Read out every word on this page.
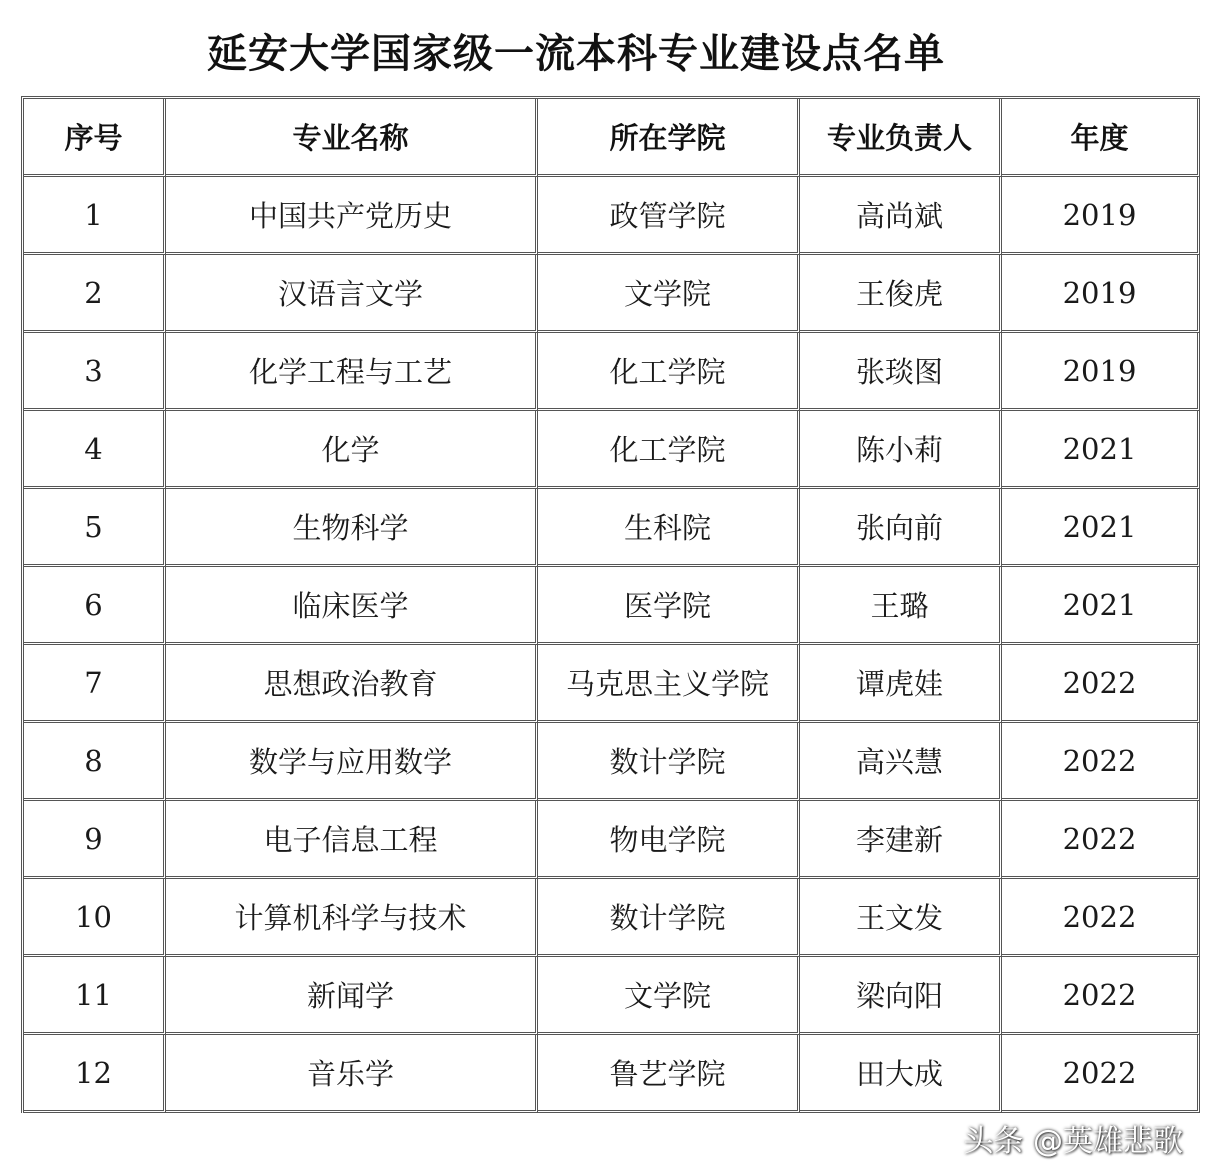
延安大学国家级一流本科专业建设点名单
序号	专业名称	所在学院	专业负责人	年度
1	中国共产党历史	政管学院	高尚斌	2019
2	汉语言文学	文学院	王俊虎	2019
3	化学工程与工艺	化工学院	张琰图	2019
4	化学	化工学院	陈小莉	2021
5	生物科学	生科院	张向前	2021
6	临床医学	医学院	王璐	2021
7	思想政治教育	马克思主义学院	谭虎娃	2022
8	数学与应用数学	数计学院	高兴慧	2022
9	电子信息工程	物电学院	李建新	2022
10	计算机科学与技术	数计学院	王文发	2022
11	新闻学	文学院	梁向阳	2022
12	音乐学	鲁艺学院	田大成	2022
头条 @英雄悲歌
